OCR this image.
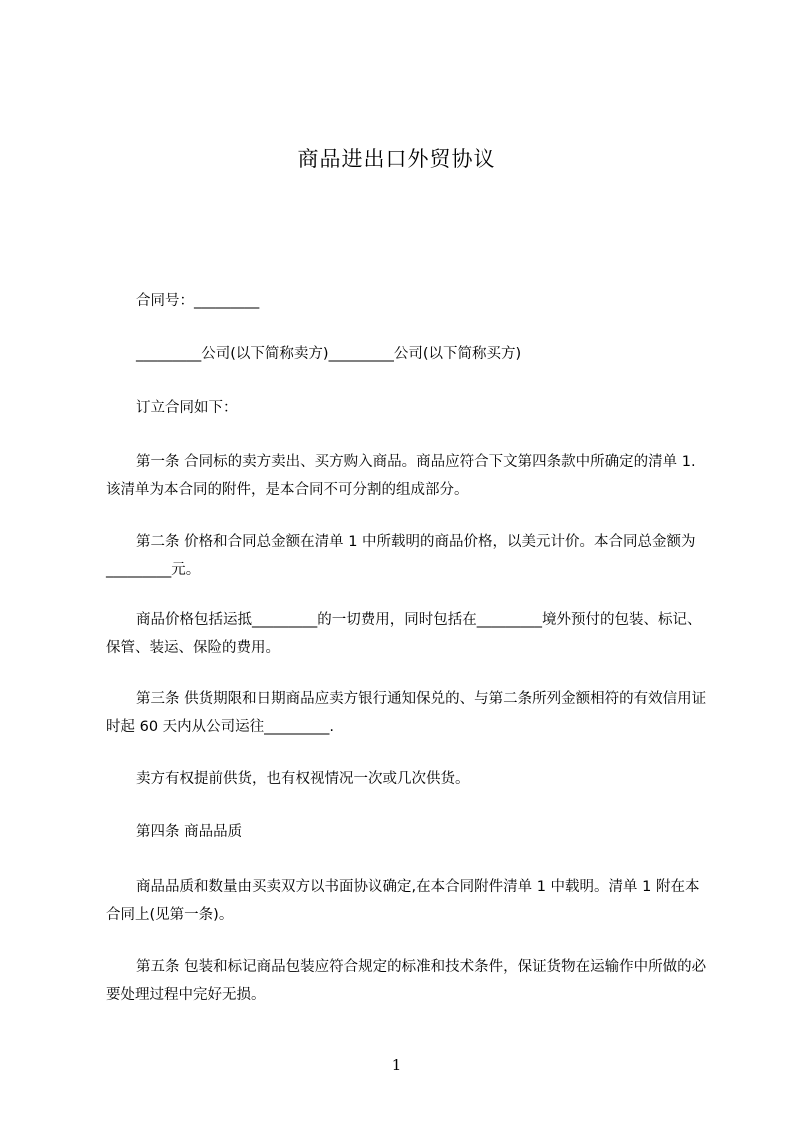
商品进出口外贸协议
合同号：_________
_________公司(以下简称卖方)_________公司(以下简称买方)
订立合同如下：
第一条 合同标的卖方卖出、买方购入商品。商品应符合下文第四条款中所确定的清单 1.该清单为本合同的附件，是本合同不可分割的组成部分。
第二条 价格和合同总金额在清单 1 中所载明的商品价格，以美元计价。本合同总金额为_________元。
商品价格包括运抵_________的一切费用，同时包括在_________境外预付的包装、标记、保管、装运、保险的费用。
第三条 供货期限和日期商品应卖方银行通知保兑的、与第二条所列金额相符的有效信用证时起 60 天内从公司运往_________.
卖方有权提前供货，也有权视情况一次或几次供货。
第四条 商品品质
商品品质和数量由买卖双方以书面协议确定,在本合同附件清单 1 中载明。清单 1 附在本合同上(见第一条)。
第五条 包装和标记商品包装应符合规定的标准和技术条件，保证货物在运输作中所做的必要处理过程中完好无损。
1
